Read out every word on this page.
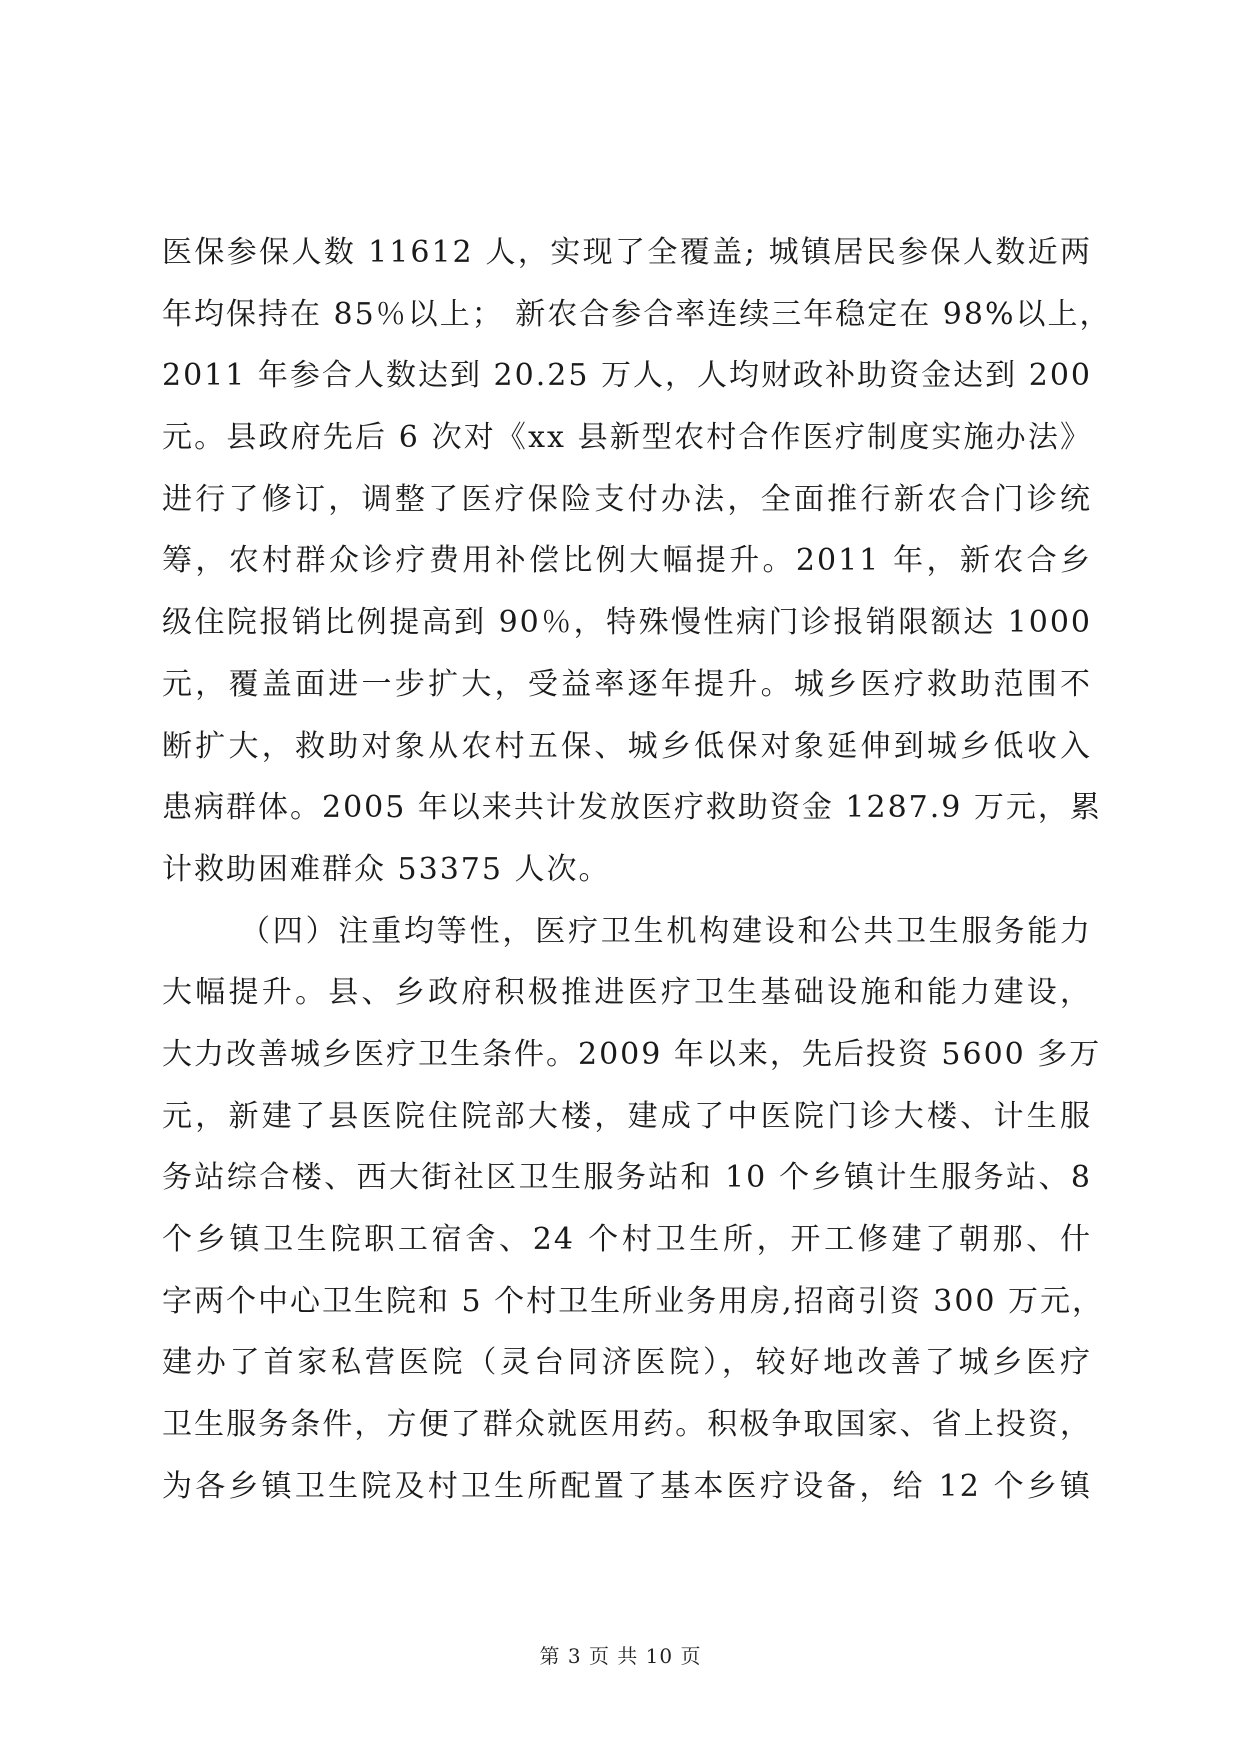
医保参保人数 11612 人，实现了全覆盖; 城镇居民参保人数近两
年均保持在 85％以上； 新农合参合率连续三年稳定在 98%以上，
2011 年参合人数达到 20.25 万人，人均财政补助资金达到 200
元。县政府先后 6 次对《xx 县新型农村合作医疗制度实施办法》
进行了修订，调整了医疗保险支付办法，全面推行新农合门诊统
筹，农村群众诊疗费用补偿比例大幅提升。2011 年，新农合乡
级住院报销比例提高到 90％，特殊慢性病门诊报销限额达 1000
元，覆盖面进一步扩大，受益率逐年提升。城乡医疗救助范围不
断扩大，救助对象从农村五保、城乡低保对象延伸到城乡低收入
患病群体。2005 年以来共计发放医疗救助资金 1287.9 万元，累
计救助困难群众 53375 人次。
（四）注重均等性，医疗卫生机构建设和公共卫生服务能力
大幅提升。县、乡政府积极推进医疗卫生基础设施和能力建设，
大力改善城乡医疗卫生条件。2009 年以来，先后投资 5600 多万
元，新建了县医院住院部大楼，建成了中医院门诊大楼、计生服
务站综合楼、西大街社区卫生服务站和 10 个乡镇计生服务站、8
个乡镇卫生院职工宿舍、24 个村卫生所，开工修建了朝那、什
字两个中心卫生院和 5 个村卫生所业务用房,招商引资 300 万元，
建办了首家私营医院（灵台同济医院），较好地改善了城乡医疗
卫生服务条件，方便了群众就医用药。积极争取国家、省上投资，
为各乡镇卫生院及村卫生所配置了基本医疗设备，给 12 个乡镇
第 3 页 共 10 页
